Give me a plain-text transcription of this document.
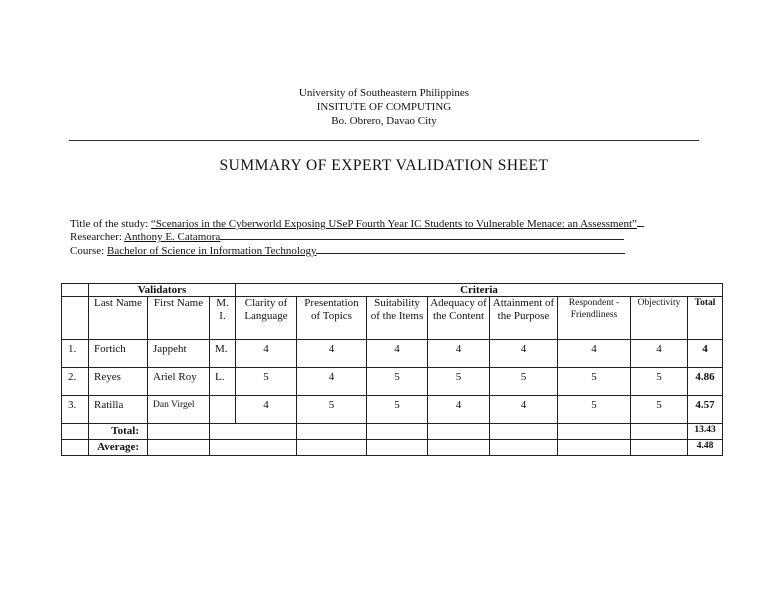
University of Southeastern Philippines
INSITUTE OF COMPUTING
Bo. Obrero, Davao City
SUMMARY OF EXPERT VALIDATION SHEET
Title of the study: “Scenarios in the Cyberworld Exposing USeP Fourth Year IC Students to Vulnerable Menace: an Assessment”
Researcher: Anthony E. Catamora
Course: Bachelor of Science in Information Technology
	Validators			Criteria							
	Last Name	First Name	M. I.	Clarity of Language	Presentation of Topics	Suitability of the Items	Adequacy of the Content	Attainment of the Purpose	Respondent - Friendliness	Objectivity	Total
1.	Fortich	Jappeht	M.	4	4	4	4	4	4	4	4
2.	Reyes	Ariel Roy	L.	5	4	5	5	5	5	5	4.86
3.	Ratilla	Dan Virgel		4	5	5	4	4	5	5	4.57
	Total:										13.43
	Average:										4.48
